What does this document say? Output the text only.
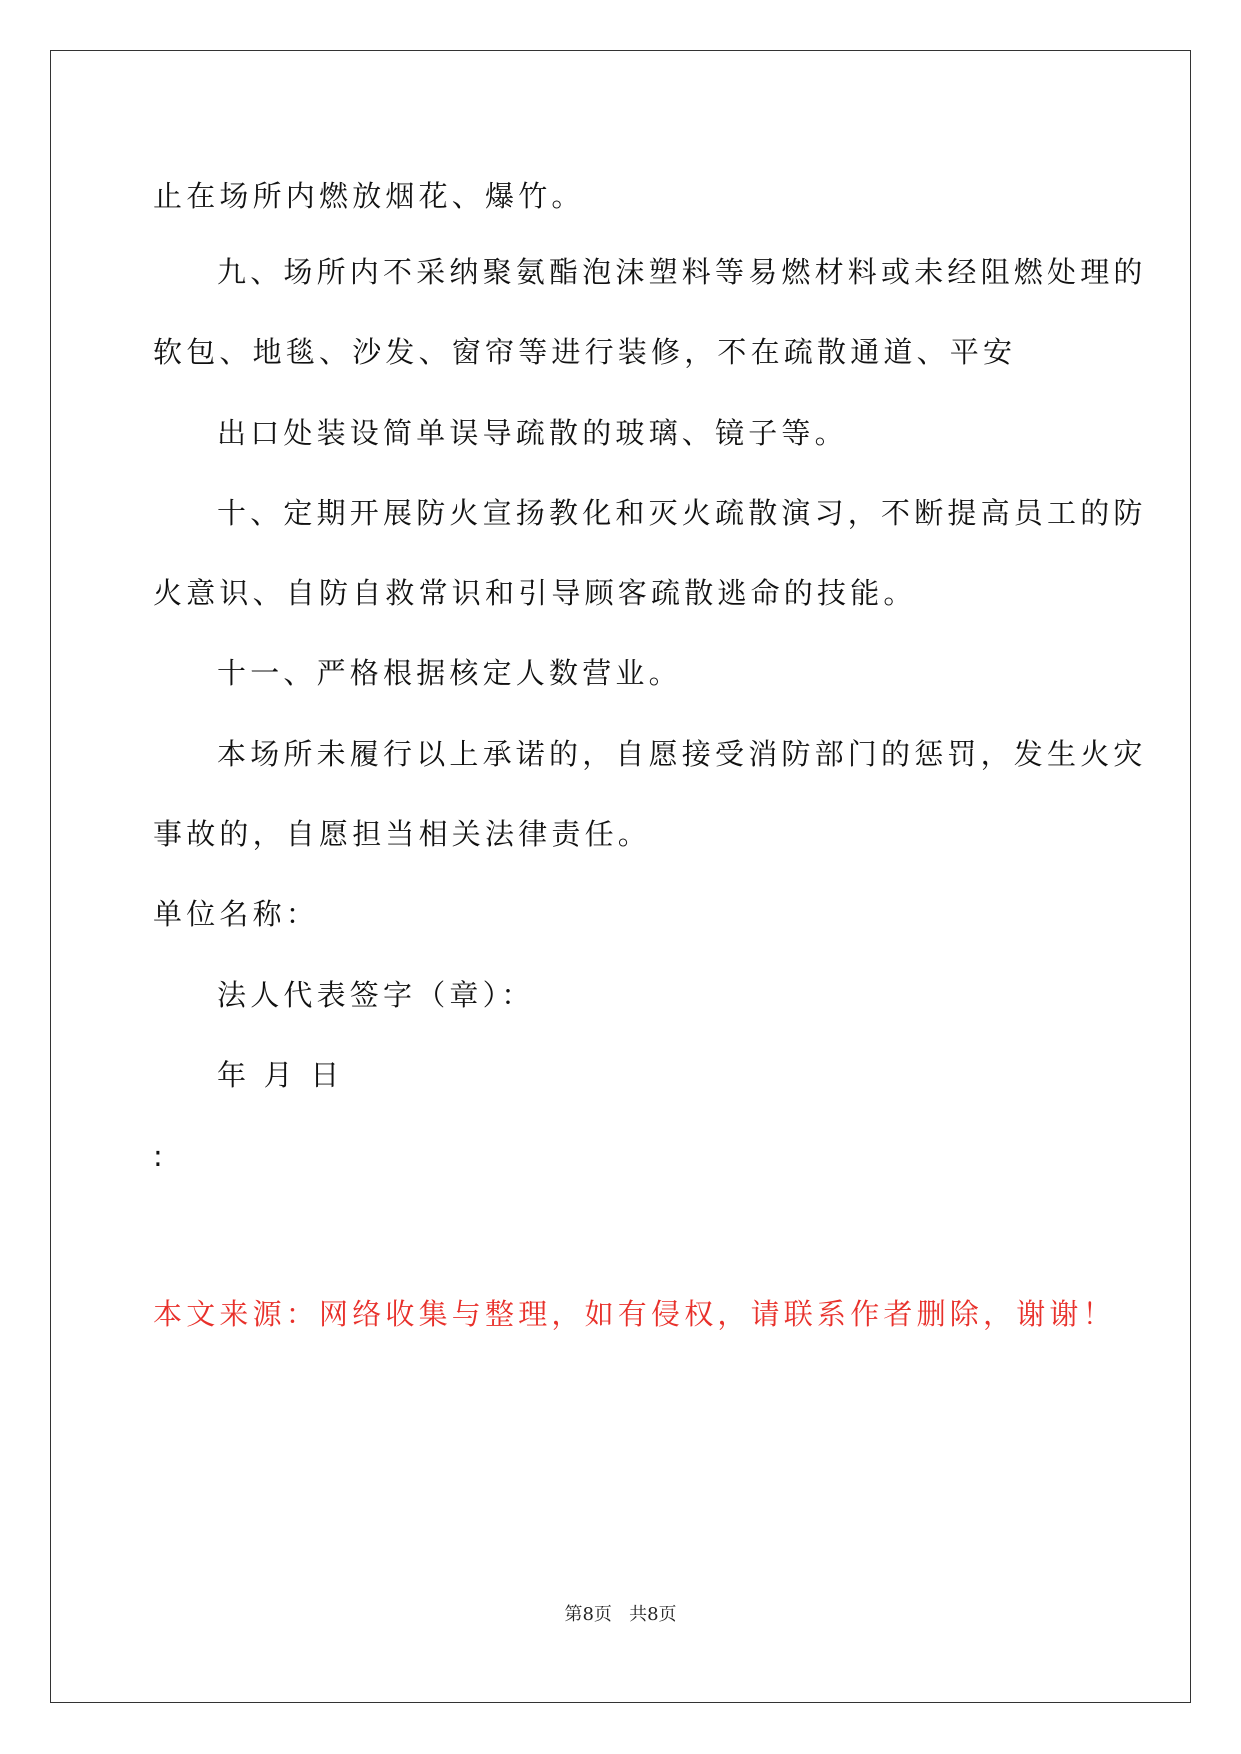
止在场所内燃放烟花、爆竹。
九、场所内不采纳聚氨酯泡沫塑料等易燃材料或未经阻燃处理的
软包、地毯、沙发、窗帘等进行装修，不在疏散通道、平安
出口处装设简单误导疏散的玻璃、镜子等。
十、定期开展防火宣扬教化和灭火疏散演习，不断提高员工的防
火意识、自防自救常识和引导顾客疏散逃命的技能。
十一、严格根据核定人数营业。
本场所未履行以上承诺的，自愿接受消防部门的惩罚，发生火灾
事故的，自愿担当相关法律责任。
单位名称：
法人代表签字（章）：
年 月 日
:
本文来源：网络收集与整理，如有侵权，请联系作者删除，谢谢！
第8页   共8页
